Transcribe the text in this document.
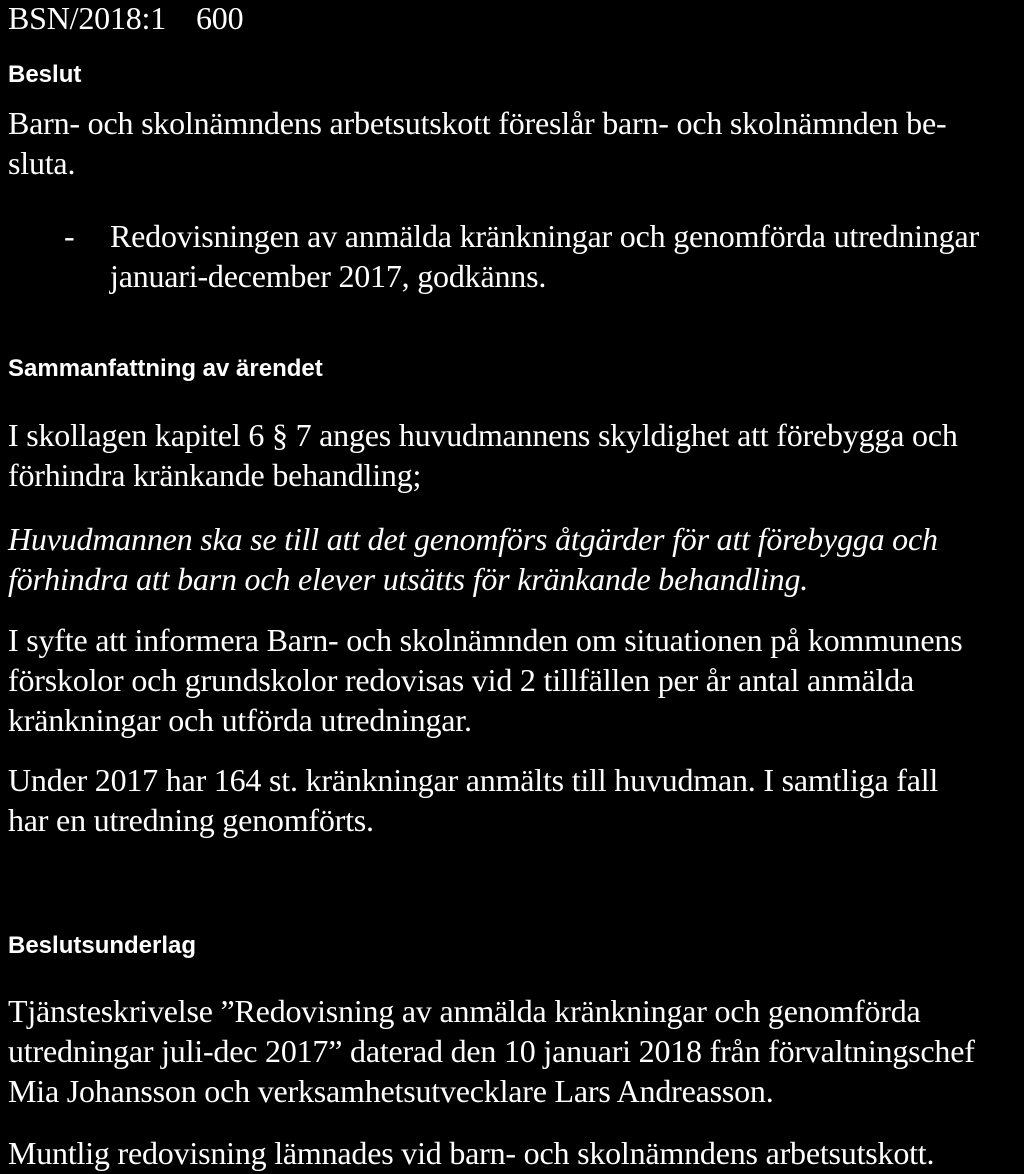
BSN/2018:1 600
Beslut
Barn- och skolnämndens arbetsutskott föreslår barn- och skolnämnden be-
sluta.
- Redovisningen av anmälda kränkningar och genomförda utredningar
januari-december 2017, godkänns.
Sammanfattning av ärendet
I skollagen kapitel 6 § 7 anges huvudmannens skyldighet att förebygga och
förhindra kränkande behandling;
Huvudmannen ska se till att det genomförs åtgärder för att förebygga och
förhindra att barn och elever utsätts för kränkande behandling.
I syfte att informera Barn- och skolnämnden om situationen på kommunens
förskolor och grundskolor redovisas vid 2 tillfällen per år antal anmälda
kränkningar och utförda utredningar.
Under 2017 har 164 st. kränkningar anmälts till huvudman. I samtliga fall
har en utredning genomförts.
Beslutsunderlag
Tjänsteskrivelse ”Redovisning av anmälda kränkningar och genomförda
utredningar juli-dec 2017” daterad den 10 januari 2018 från förvaltningschef
Mia Johansson och verksamhetsutvecklare Lars Andreasson.
Muntlig redovisning lämnades vid barn- och skolnämndens arbetsutskott.
